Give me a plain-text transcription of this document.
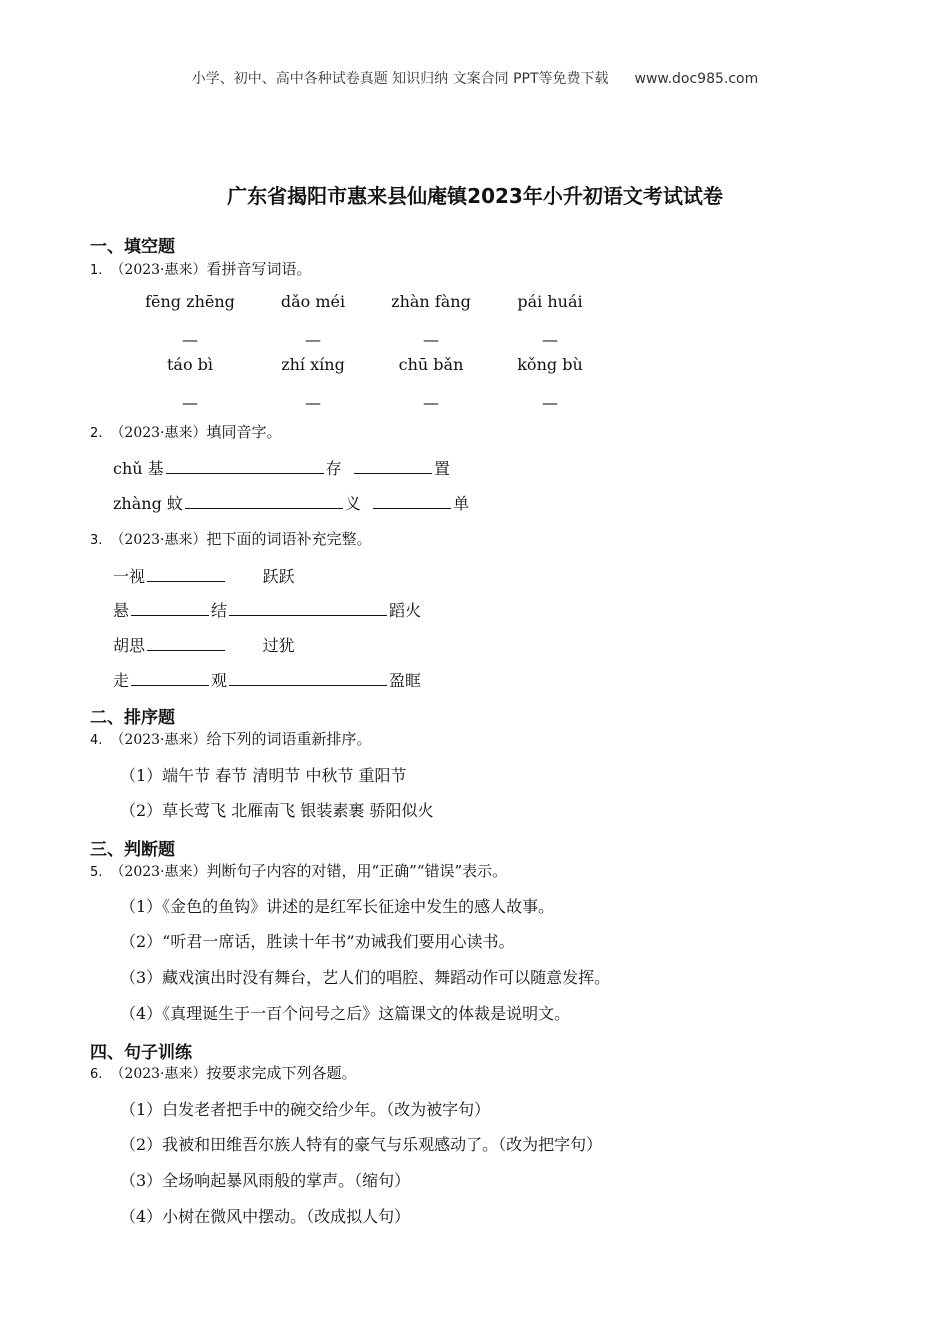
小学、初中、高中各种试卷真题 知识归纳 文案合同 PPT等免费下载 www.doc985.com
广东省揭阳市惠来县仙庵镇2023年小升初语文考试试卷
一、填空题
1. （2023·惠来）看拼音写词语。
fēng zhēng	dǎo méi	zhàn fàng	pái huái
—	—	—	—
táo bì	zhí xíng	chū bǎn	kǒng bù
—	—	—	—
2. （2023·惠来）填同音字。
chǔ 基	存	置
zhàng 蚊	义	单
3. （2023·惠来）把下面的词语补充完整。
一视	跃跃
悬	结	蹈火
胡思	过犹
走	观	盈眶
二、排序题
4. （2023·惠来）给下列的词语重新排序。
（1）端午节 春节 清明节 中秋节 重阳节
（2）草长莺飞 北雁南飞 银装素裹 骄阳似火
三、判断题
5. （2023·惠来）判断句子内容的对错，用“正确”“错误”表示。
（1）《金色的鱼钩》讲述的是红军长征途中发生的感人故事。
（2）“听君一席话，胜读十年书”劝诫我们要用心读书。
（3）藏戏演出时没有舞台，艺人们的唱腔、舞蹈动作可以随意发挥。
（4）《真理诞生于一百个问号之后》这篇课文的体裁是说明文。
四、句子训练
6. （2023·惠来）按要求完成下列各题。
（1）白发老者把手中的碗交给少年。（改为被字句）
（2）我被和田维吾尔族人特有的豪气与乐观感动了。（改为把字句）
（3）全场响起暴风雨般的掌声。（缩句）
（4）小树在微风中摆动。（改成拟人句）
